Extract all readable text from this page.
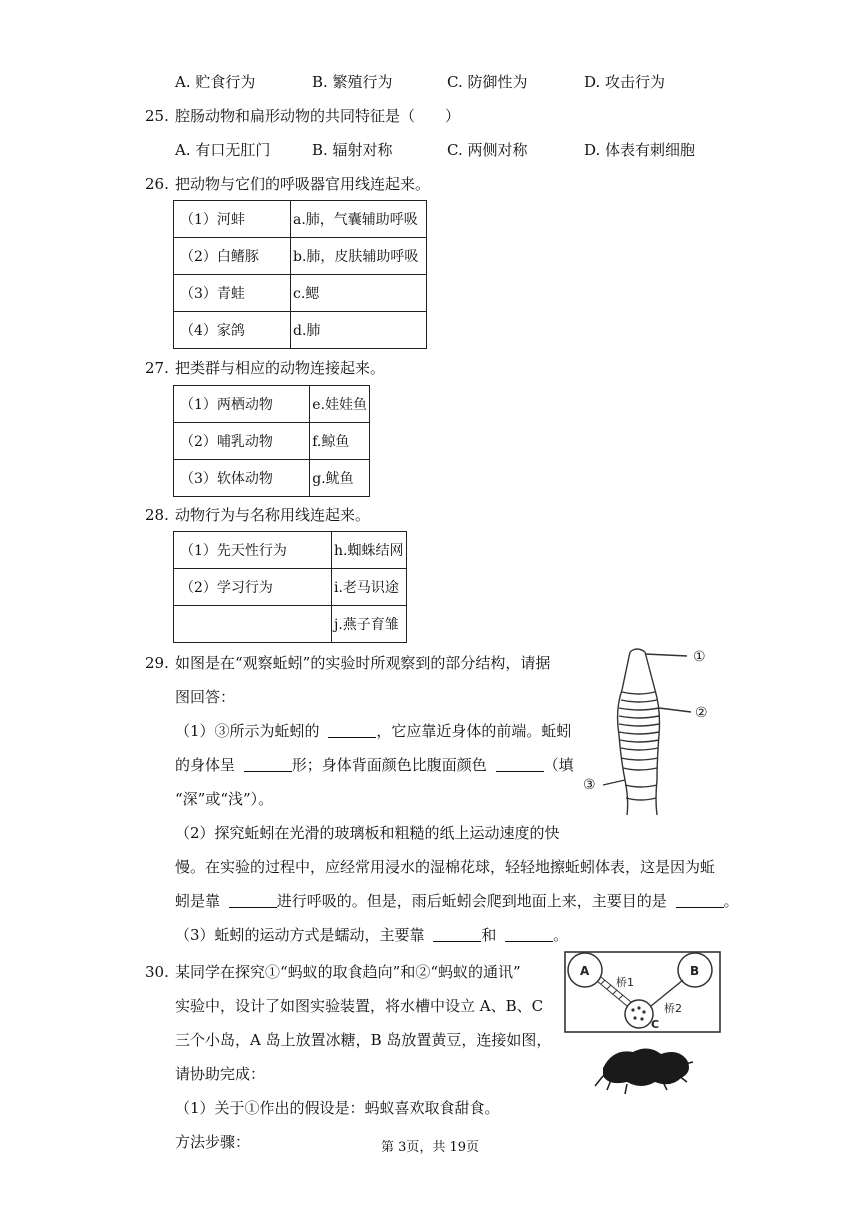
A. 贮食行为	B. 繁殖行为	C. 防御性为	D. 攻击行为
25. 腔肠动物和扁形动物的共同特征是（　　）
A. 有口无肛门	B. 辐射对称	C. 两侧对称	D. 体表有刺细胞
26. 把动物与它们的呼吸器官用线连起来。
（1）河蚌	a.肺，气囊辅助呼吸
（2）白鳍豚	b.肺，皮肤辅助呼吸
（3）青蛙	c.鳃
（4）家鸽	d.肺
27. 把类群与相应的动物连接起来。
（1）两栖动物	e.娃娃鱼
（2）哺乳动物	f.鲸鱼
（3）软体动物	g.鱿鱼
28. 动物行为与名称用线连起来。
（1）先天性行为	h.蜘蛛结网
（2）学习行为	i.老马识途
	j.燕子育雏
29. 如图是在“观察蚯蚓”的实验时所观察到的部分结构，请据
图回答：
（1）③所示为蚯蚓的	，它应靠近身体的前端。蚯蚓
的身体呈	形；身体背面颜色比腹面颜色	（填
“深”或“浅”）。
（2）探究蚯蚓在光滑的玻璃板和粗糙的纸上运动速度的快
慢。在实验的过程中，应经常用浸水的湿棉花球，轻轻地擦蚯蚓体表，这是因为蚯
蚓是靠	进行呼吸的。但是，雨后蚯蚓会爬到地面上来，主要目的是	。
（3）蚯蚓的运动方式是蠕动，主要靠	和	。
①
②
③
30. 某同学在探究①“蚂蚁的取食趋向”和②“蚂蚁的通讯”
实验中，设计了如图实验装置，将水槽中设立 A、B、C
三个小岛，A 岛上放置冰糖，B 岛放置黄豆，连接如图，
请协助完成：
（1）关于①作出的假设是：蚂蚁喜欢取食甜食。
方法步骤：
A	B
C
桥1
桥2
第 3页，共 19页
